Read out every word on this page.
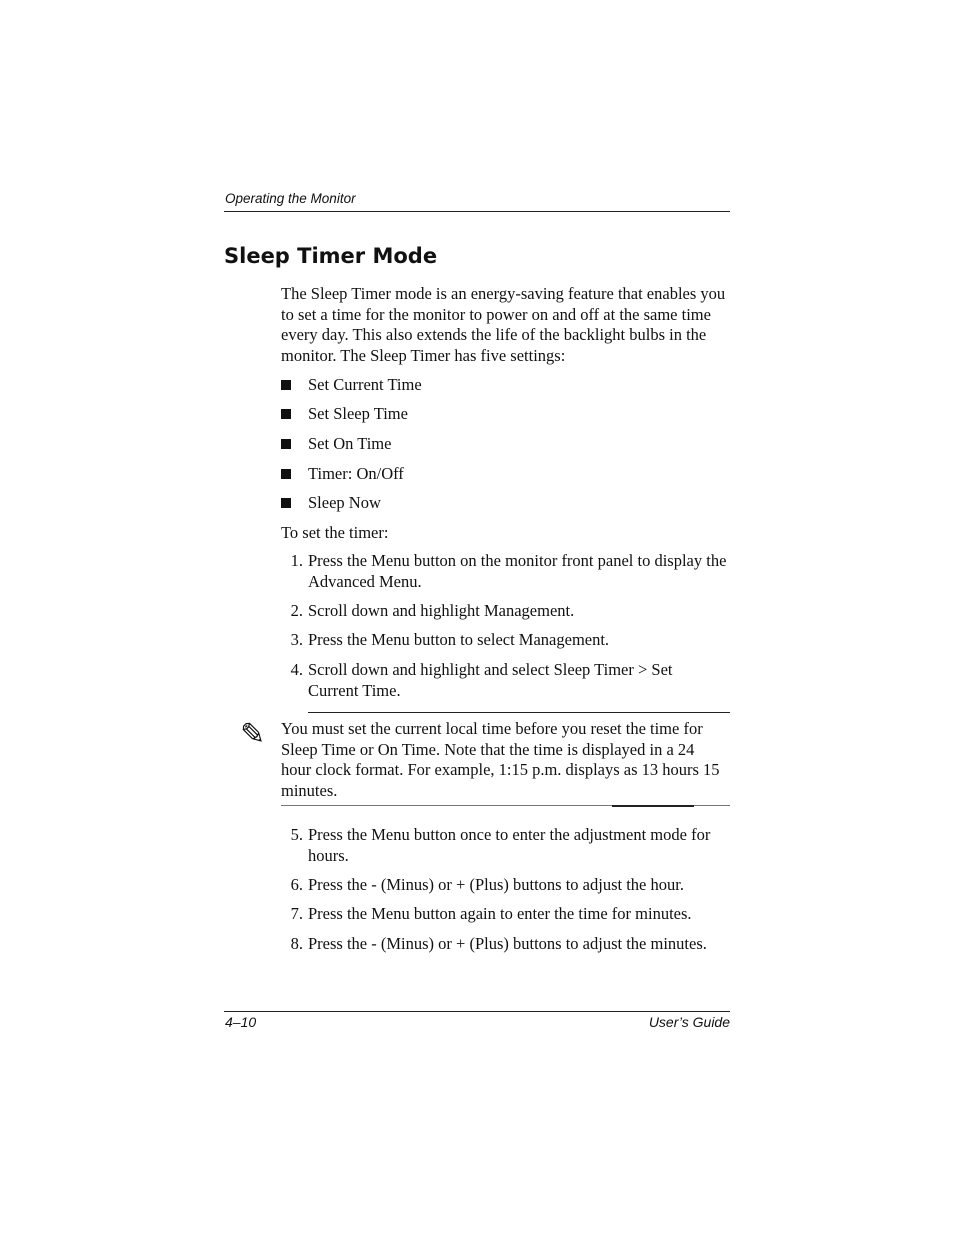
Operating the Monitor
Sleep Timer Mode

The Sleep Timer mode is an energy-saving feature that enables you to set a time for the monitor to power on and off at the same time every day. This also extends the life of the backlight bulbs in the monitor. The Sleep Timer has five settings:

Set Current Time
Set Sleep Time
Set On Time
Timer: On/Off
Sleep Now

To set the timer:

1. Press the Menu button on the monitor front panel to display the Advanced Menu.
2. Scroll down and highlight Management.
3. Press the Menu button to select Management.
4. Scroll down and highlight and select Sleep Timer > Set Current Time.
✎ You must set the current local time before you reset the time for Sleep Time or On Time. Note that the time is displayed in a 24 hour clock format. For example, 1:15 p.m. displays as 13 hours 15 minutes.

5. Press the Menu button once to enter the adjustment mode for hours.
6. Press the - (Minus) or + (Plus) buttons to adjust the hour.
7. Press the Menu button again to enter the time for minutes.
8. Press the - (Minus) or + (Plus) buttons to adjust the minutes.
4–10	User’s Guide
